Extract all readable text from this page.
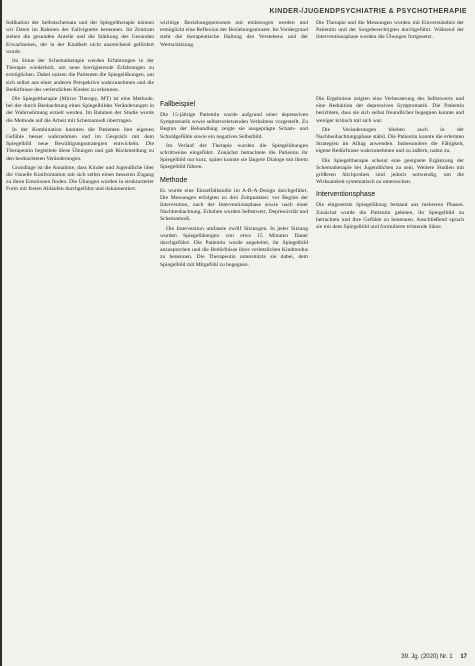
KINDER-/JUGENDPSYCHIATRIE & PSYCHOTHERAPIE

Indikation der Selbstschemata und der Spiegeltherapie können wir Daten im Rahmen der Fallvignette benennen. Im Zentrum stehen die gesunden Anteile und die Stärkung des Gesunden Erwachsenen, der in der Kindheit nicht ausreichend gefördert wurde.

Im Sinne der Schematherapie werden Erfahrungen in der Therapie wiederholt, um neue korrigierende Erfahrungen zu ermöglichen. Dabei nutzen die Patienten die Spiegelübungen, um sich selbst aus einer anderen Perspektive wahrzunehmen und die Bedürfnisse des verletzlichen Kindes zu erkennen.

Die Spiegeltherapie (Mirror Therapy, MT) ist eine Methode, bei der durch Beobachtung eines Spiegelbildes Veränderungen in der Wahrnehmung erzielt werden. Im Rahmen der Studie wurde die Methode auf die Arbeit mit Schemamodi übertragen.

In der Kombination konnten die Patienten ihre eigenen Gefühle besser wahrnehmen und im Gespräch mit dem Spiegelbild neue Bewältigungsstrategien entwickeln. Die Therapeutin begleitete diese Übungen und gab Rückmeldung zu den beobachteten Veränderungen.

Grundlage ist die Annahme, dass Kinder und Jugendliche über die visuelle Konfrontation mit sich selbst einen besseren Zugang zu ihren Emotionen finden. Die Übungen wurden in strukturierter Form mit festen Abläufen durchgeführt und dokumentiert.

wichtige Beziehungspersonen mit einbezogen werden und ermöglicht eine Reflexion der Beziehungsmuster. Im Vordergrund steht die therapeutische Haltung des Verstehens und der Wertschätzung.

Fallbeispiel

Die 15-jährige Patientin wurde aufgrund einer depressiven Symptomatik sowie selbstverletzenden Verhaltens vorgestellt. Zu Beginn der Behandlung zeigte sie ausgeprägte Scham- und Schuldgefühle sowie ein negatives Selbstbild.

Im Verlauf der Therapie wurden die Spiegelübungen schrittweise eingeführt. Zunächst betrachtete die Patientin ihr Spiegelbild nur kurz, später konnte sie längere Dialoge mit ihrem Spiegelbild führen.

Methode

Es wurde eine Einzelfallstudie im A-B-A-Design durchgeführt. Die Messungen erfolgten zu drei Zeitpunkten: vor Beginn der Intervention, nach der Interventionsphase sowie nach einer Nachbeobachtung. Erhoben wurden Selbstwert, Depressivität und Schemamodi.

Die Intervention umfasste zwölf Sitzungen. In jeder Sitzung wurden Spiegelübungen von etwa 15 Minuten Dauer durchgeführt. Die Patientin wurde angeleitet, ihr Spiegelbild anzusprechen und die Bedürfnisse ihres verletzlichen Kindmodus zu benennen. Die Therapeutin unterstützte sie dabei, dem Spiegelbild mit Mitgefühl zu begegnen.

Die Therapie und die Messungen wurden mit Einverständnis der Patientin und der Sorgeberechtigten durchgeführt. Während der Interventionsphase wurden die Übungen fortgesetzt.

Die Ergebnisse zeigten eine Verbesserung des Selbstwerts und eine Reduktion der depressiven Symptomatik. Die Patientin berichtete, dass sie sich selbst freundlicher begegnen konnte und weniger kritisch mit sich war.

Die Veränderungen blieben auch in der Nachbeobachtungsphase stabil. Die Patientin konnte die erlernten Strategien im Alltag anwenden. Insbesondere die Fähigkeit, eigene Bedürfnisse wahrzunehmen und zu äußern, nahm zu.

Die Spiegeltherapie scheint eine geeignete Ergänzung der Schematherapie bei Jugendlichen zu sein. Weitere Studien mit größeren Stichproben sind jedoch notwendig, um die Wirksamkeit systematisch zu untersuchen.

Interventionsphase

Die eingesetzte Spiegelübung bestand aus mehreren Phasen. Zunächst wurde die Patientin gebeten, ihr Spiegelbild zu betrachten und ihre Gefühle zu benennen. Anschließend sprach sie mit dem Spiegelbild und formulierte tröstende Sätze.

39. Jg. (2020) Nr. 1 17
